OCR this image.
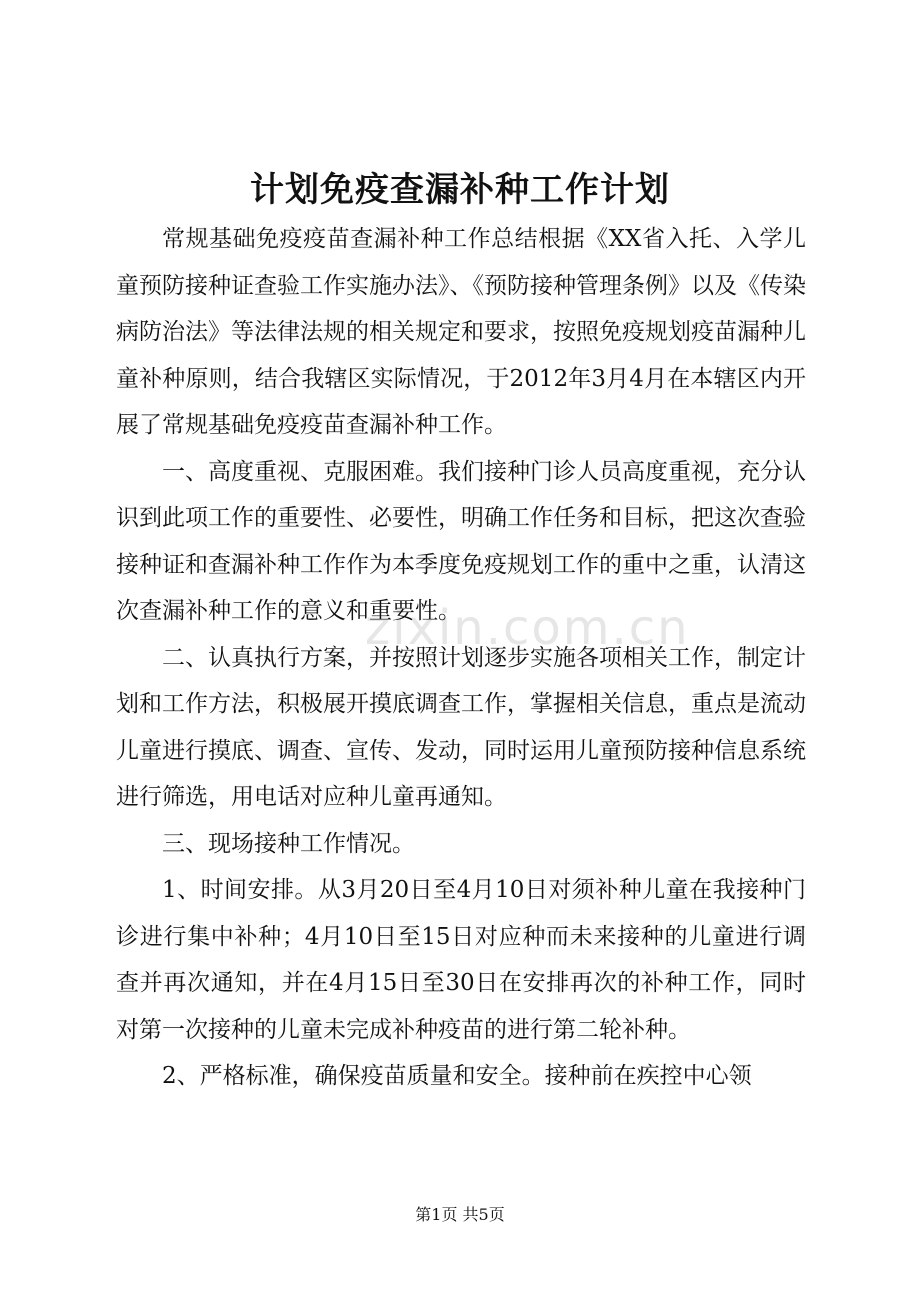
zixin.com.cn
计划免疫查漏补种工作计划

常规基础免疫疫苗查漏补种工作总结根据《XX省入托、入学儿童预防接种证查验工作实施办法》、《预防接种管理条例》以及《传染病防治法》等法律法规的相关规定和要求，按照免疫规划疫苗漏种儿童补种原则，结合我辖区实际情况，于2012年3月4月在本辖区内开展了常规基础免疫疫苗查漏补种工作。

一、高度重视、克服困难。我们接种门诊人员高度重视，充分认识到此项工作的重要性、必要性，明确工作任务和目标，把这次查验接种证和查漏补种工作作为本季度免疫规划工作的重中之重，认清这次查漏补种工作的意义和重要性。

二、认真执行方案，并按照计划逐步实施各项相关工作，制定计划和工作方法，积极展开摸底调查工作，掌握相关信息，重点是流动儿童进行摸底、调查、宣传、发动，同时运用儿童预防接种信息系统进行筛选，用电话对应种儿童再通知。

三、现场接种工作情况。

1、时间安排。从3月20日至4月10日对须补种儿童在我接种门诊进行集中补种；4月10日至15日对应种而未来接种的儿童进行调查并再次通知，并在4月15日至30日在安排再次的补种工作，同时对第一次接种的儿童未完成补种疫苗的进行第二轮补种。

2、严格标准，确保疫苗质量和安全。接种前在疾控中心领

第1页 共5页
